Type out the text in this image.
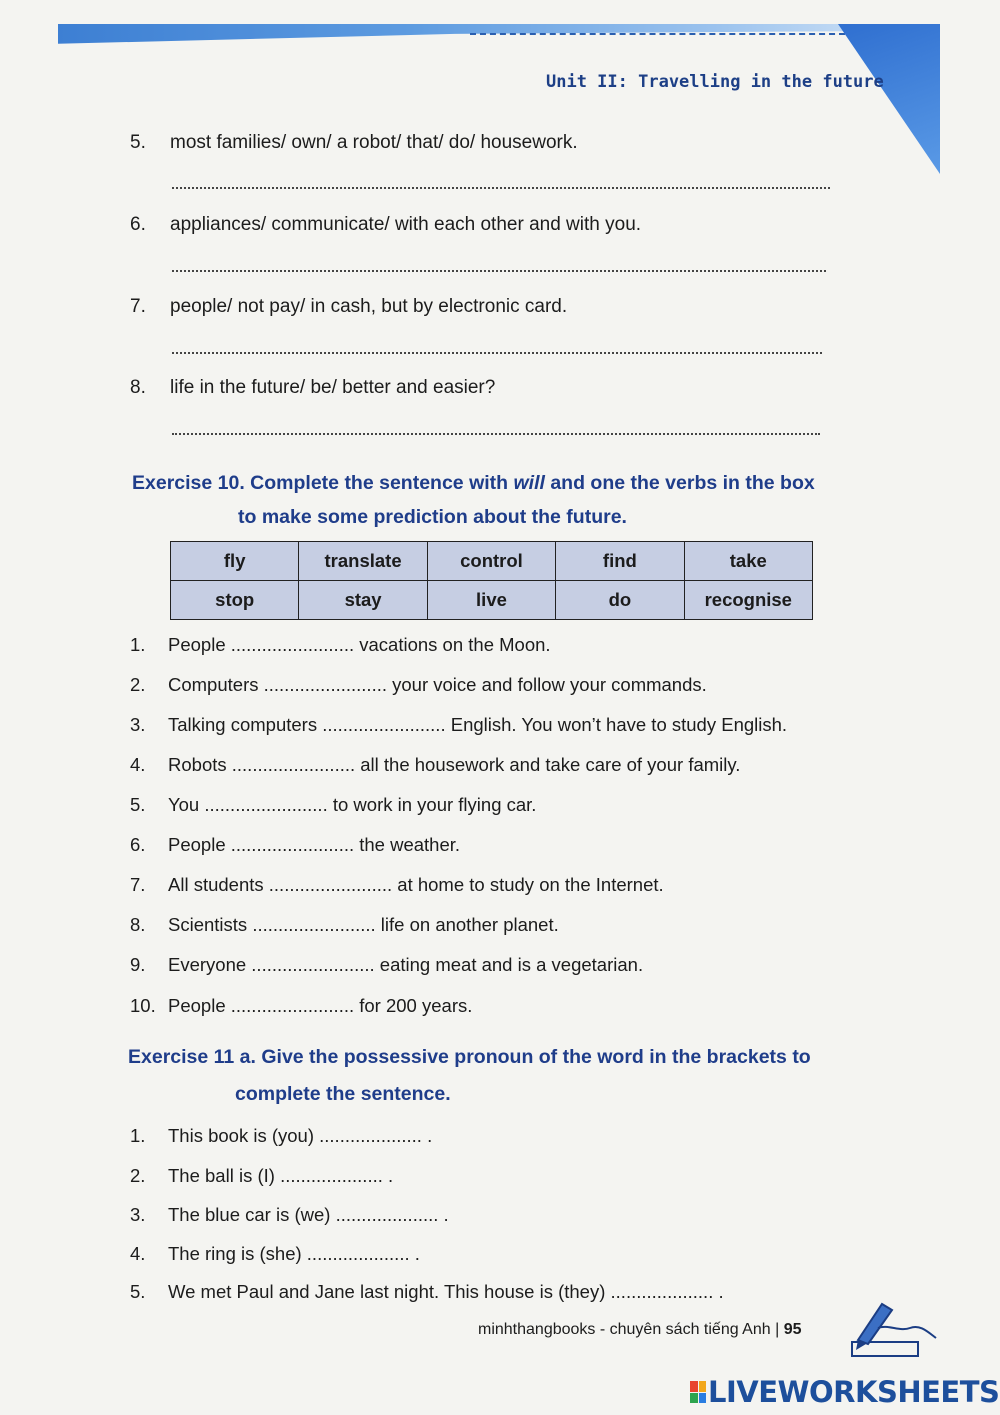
Unit II: Travelling in the future
5. most families/ own/ a robot/ that/ do/ housework.
6. appliances/ communicate/ with each other and with you.
7. people/ not pay/ in cash, but by electronic card.
8. life in the future/ be/ better and easier?
Exercise 10. Complete the sentence with will and one the verbs in the box
to make some prediction about the future.
fly	translate	control	find	take
stop	stay	live	do	recognise
1. People ........................ vacations on the Moon.
2. Computers ........................ your voice and follow your commands.
3. Talking computers ........................ English. You won’t have to study English.
4. Robots ........................ all the housework and take care of your family.
5. You ........................ to work in your flying car.
6. People ........................ the weather.
7. All students ........................ at home to study on the Internet.
8. Scientists ........................ life on another planet.
9. Everyone ........................ eating meat and is a vegetarian.
10. People ........................ for 200 years.
Exercise 11 a. Give the possessive pronoun of the word in the brackets to
complete the sentence.
1. This book is (you) .................... .
2. The ball is (I) .................... .
3. The blue car is (we) .................... .
4. The ring is (she) .................... .
5. We met Paul and Jane last night. This house is (they) .................... .
minhthangbooks - chuyên sách tiếng Anh | 95
LIVEWORKSHEETS
